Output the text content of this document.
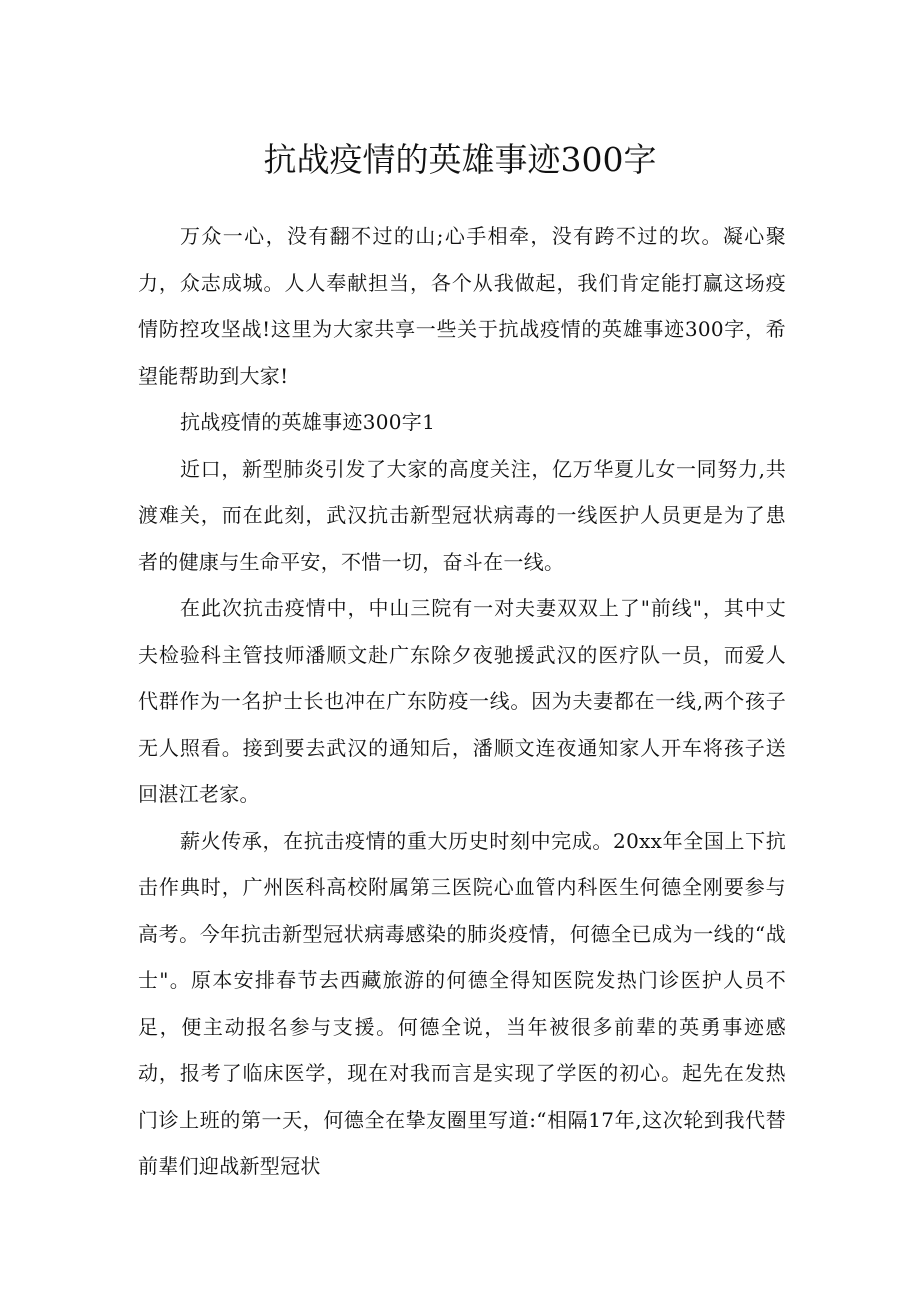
抗战疫情的英雄事迹300字

万众一心，没有翻不过的山;心手相牵，没有跨不过的坎。凝心聚力，众志成城。人人奉献担当，各个从我做起，我们肯定能打赢这场疫情防控攻坚战!这里为大家共享一些关于抗战疫情的英雄事迹300字，希望能帮助到大家!

抗战疫情的英雄事迹300字1

近口，新型肺炎引发了大家的高度关注，亿万华夏儿女一同努力,共渡难关，而在此刻，武汉抗击新型冠状病毒的一线医护人员更是为了患者的健康与生命平安，不惜一切，奋斗在一线。

在此次抗击疫情中，中山三院有一对夫妻双双上了"前线"，其中丈夫检验科主管技师潘顺文赴广东除夕夜驰援武汉的医疗队一员，而爱人代群作为一名护士长也冲在广东防疫一线。因为夫妻都在一线,两个孩子无人照看。接到要去武汉的通知后，潘顺文连夜通知家人开车将孩子送回湛江老家。

薪火传承，在抗击疫情的重大历史时刻中完成。20xx年全国上下抗击作典时，广州医科高校附属第三医院心血管内科医生何德全刚要参与高考。今年抗击新型冠状病毒感染的肺炎疫情，何德全已成为一线的“战士"。原本安排春节去西藏旅游的何德全得知医院发热门诊医护人员不足，便主动报名参与支援。何德全说，当年被很多前辈的英勇事迹感动，报考了临床医学，现在对我而言是实现了学医的初心。起先在发热门诊上班的第一天，何德全在挚友圈里写道:“相隔17年,这次轮到我代替前辈们迎战新型冠状
